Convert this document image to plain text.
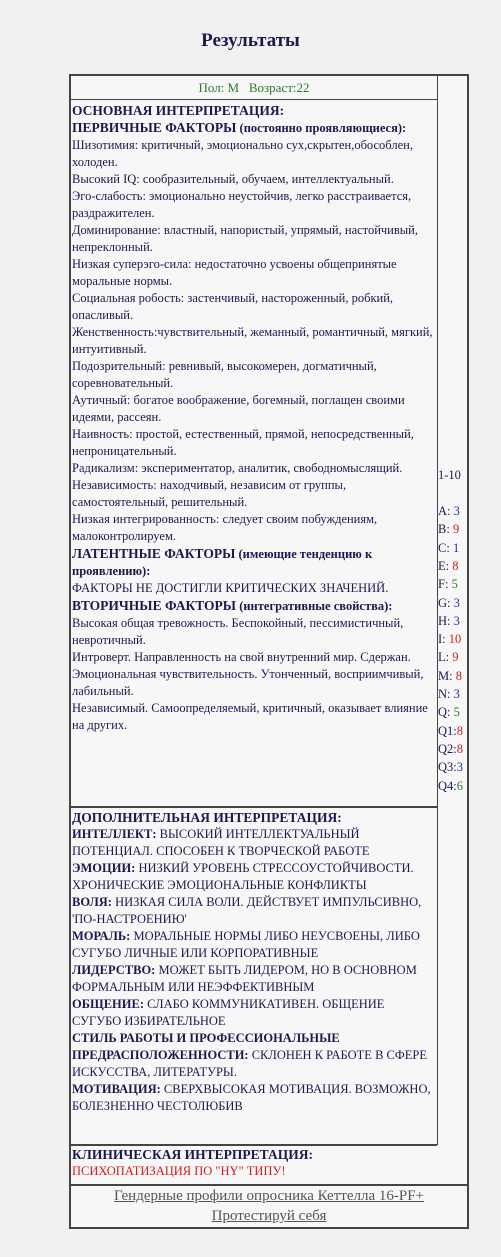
Результаты
Пол: М Возраст:22
ОСНОВНАЯ ИНТЕРПРЕТАЦИЯ:
ПЕРВИЧНЫЕ ФАКТОРЫ (постоянно проявляющиеся):
Шизотимия: критичный, эмоционально сух,скрытен,обособлен, холоден.
Высокий IQ: сообразительный, обучаем, интеллектуальный.
Эго-слабость: эмоционально неустойчив, легко расстраивается, раздражителен.
Доминирование: властный, напористый, упрямый, настойчивый, непреклонный.
Низкая суперэго-сила: недостаточно усвоены общепринятые моральные нормы.
Социальная робость: застенчивый, настороженный, робкий, опасливый.
Женственность:чувствительный, жеманный, романтичный, мягкий, интуитивный.
Подозрительный: ревнивый, высокомерен, догматичный, соревновательный.
Аутичный: богатое воображение, богемный, поглащен своими идеями, рассеян.
Наивность: простой, естественный, прямой, непосредственный, непроницательный.
Радикализм: экспериментатор, аналитик, свободномыслящий.
Независимость: находчивый, независим от группы, самостоятельный, решительный.
Низкая интегрированность: следует своим побуждениям, малоконтролируем.
ЛАТЕНТНЫЕ ФАКТОРЫ (имеющие тенденцию к проявлению):
ФАКТОРЫ НЕ ДОСТИГЛИ КРИТИЧЕСКИХ ЗНАЧЕНИЙ.
ВТОРИЧНЫЕ ФАКТОРЫ (интегративные свойства):
Высокая общая тревожность. Беспокойный, пессимистичный, невротичный.
Интроверт. Направленность на свой внутренний мир. Сдержан.
Эмоциональная чувствительность. Утонченный, восприимчивый, лабильный.
Независимый. Самоопределяемый, критичный, оказывает влияние на других.
ДОПОЛНИТЕЛЬНАЯ ИНТЕРПРЕТАЦИЯ:
ИНТЕЛЛЕКТ: ВЫСОКИЙ ИНТЕЛЛЕКТУАЛЬНЫЙ ПОТЕНЦИАЛ. СПОСОБЕН К ТВОРЧЕСКОЙ РАБОТЕ
ЭМОЦИИ: НИЗКИЙ УРОВЕНЬ СТРЕССОУСТОЙЧИВОСТИ. ХРОНИЧЕСКИЕ ЭМОЦИОНАЛЬНЫЕ КОНФЛИКТЫ
ВОЛЯ: НИЗКАЯ СИЛА ВОЛИ. ДЕЙСТВУЕТ ИМПУЛЬСИВНО, 'ПО-НАСТРОЕНИЮ'
МОРАЛЬ: МОРАЛЬНЫЕ НОРМЫ ЛИБО НЕУСВОЕНЫ, ЛИБО СУГУБО ЛИЧНЫЕ ИЛИ КОРПОРАТИВНЫЕ
ЛИДЕРСТВО: МОЖЕТ БЫТЬ ЛИДЕРОМ, НО В ОСНОВНОМ ФОРМАЛЬНЫМ ИЛИ НЕЭФФЕКТИВНЫМ
ОБЩЕНИЕ: СЛАБО КОММУНИКАТИВЕН. ОБЩЕНИЕ СУГУБО ИЗБИРАТЕЛЬНОЕ
СТИЛЬ РАБОТЫ И ПРОФЕССИОНАЛЬНЫЕ ПРЕДРАСПОЛОЖЕННОСТИ: СКЛОНЕН К РАБОТЕ В СФЕРЕ ИСКУССТВА, ЛИТЕРАТУРЫ.
МОТИВАЦИЯ: СВЕРХВЫСОКАЯ МОТИВАЦИЯ. ВОЗМОЖНО, БОЛЕЗНЕННО ЧЕСТОЛЮБИВ
КЛИНИЧЕСКАЯ ИНТЕРПРЕТАЦИЯ:
ПСИХОПАТИЗАЦИЯ ПО "HY" ТИПУ!
1-10
A: 3
B: 9
C: 1
E: 8
F: 5
G: 3
H: 3
I: 10
L: 9
M: 8
N: 3
Q: 5
Q1:8
Q2:8
Q3:3
Q4:6
Гендерные профили опросника Кеттелла 16-PF+
Протестируй себя
